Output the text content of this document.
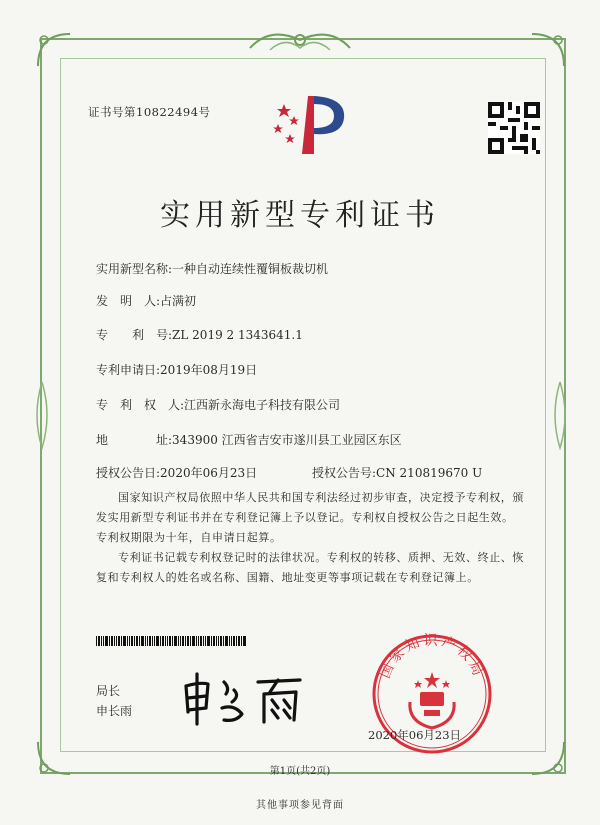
证书号第10822494号
实用新型专利证书
实用新型名称:一种自动连续性覆铜板裁切机
发　明　人:占满初
专　　利　号:ZL 2019 2 1343641.1
专利申请日:2019年08月19日
专　利　权　人:江西新永海电子科技有限公司
地　　　　址:343900 江西省吉安市遂川县工业园区东区
授权公告日:2020年06月23日	授权公告号:CN 210819670 U
国家知识产权局依照中华人民共和国专利法经过初步审查，决定授予专利权，颁发实用新型专利证书并在专利登记簿上予以登记。专利权自授权公告之日起生效。专利权期限为十年，自申请日起算。
专利证书记载专利权登记时的法律状况。专利权的转移、质押、无效、终止、恢复和专利权人的姓名或名称、国籍、地址变更等事项记载在专利登记簿上。
局长
申长雨
国家知识产权局
2020年06月23日
第1页(共2页)
其他事项参见背面
